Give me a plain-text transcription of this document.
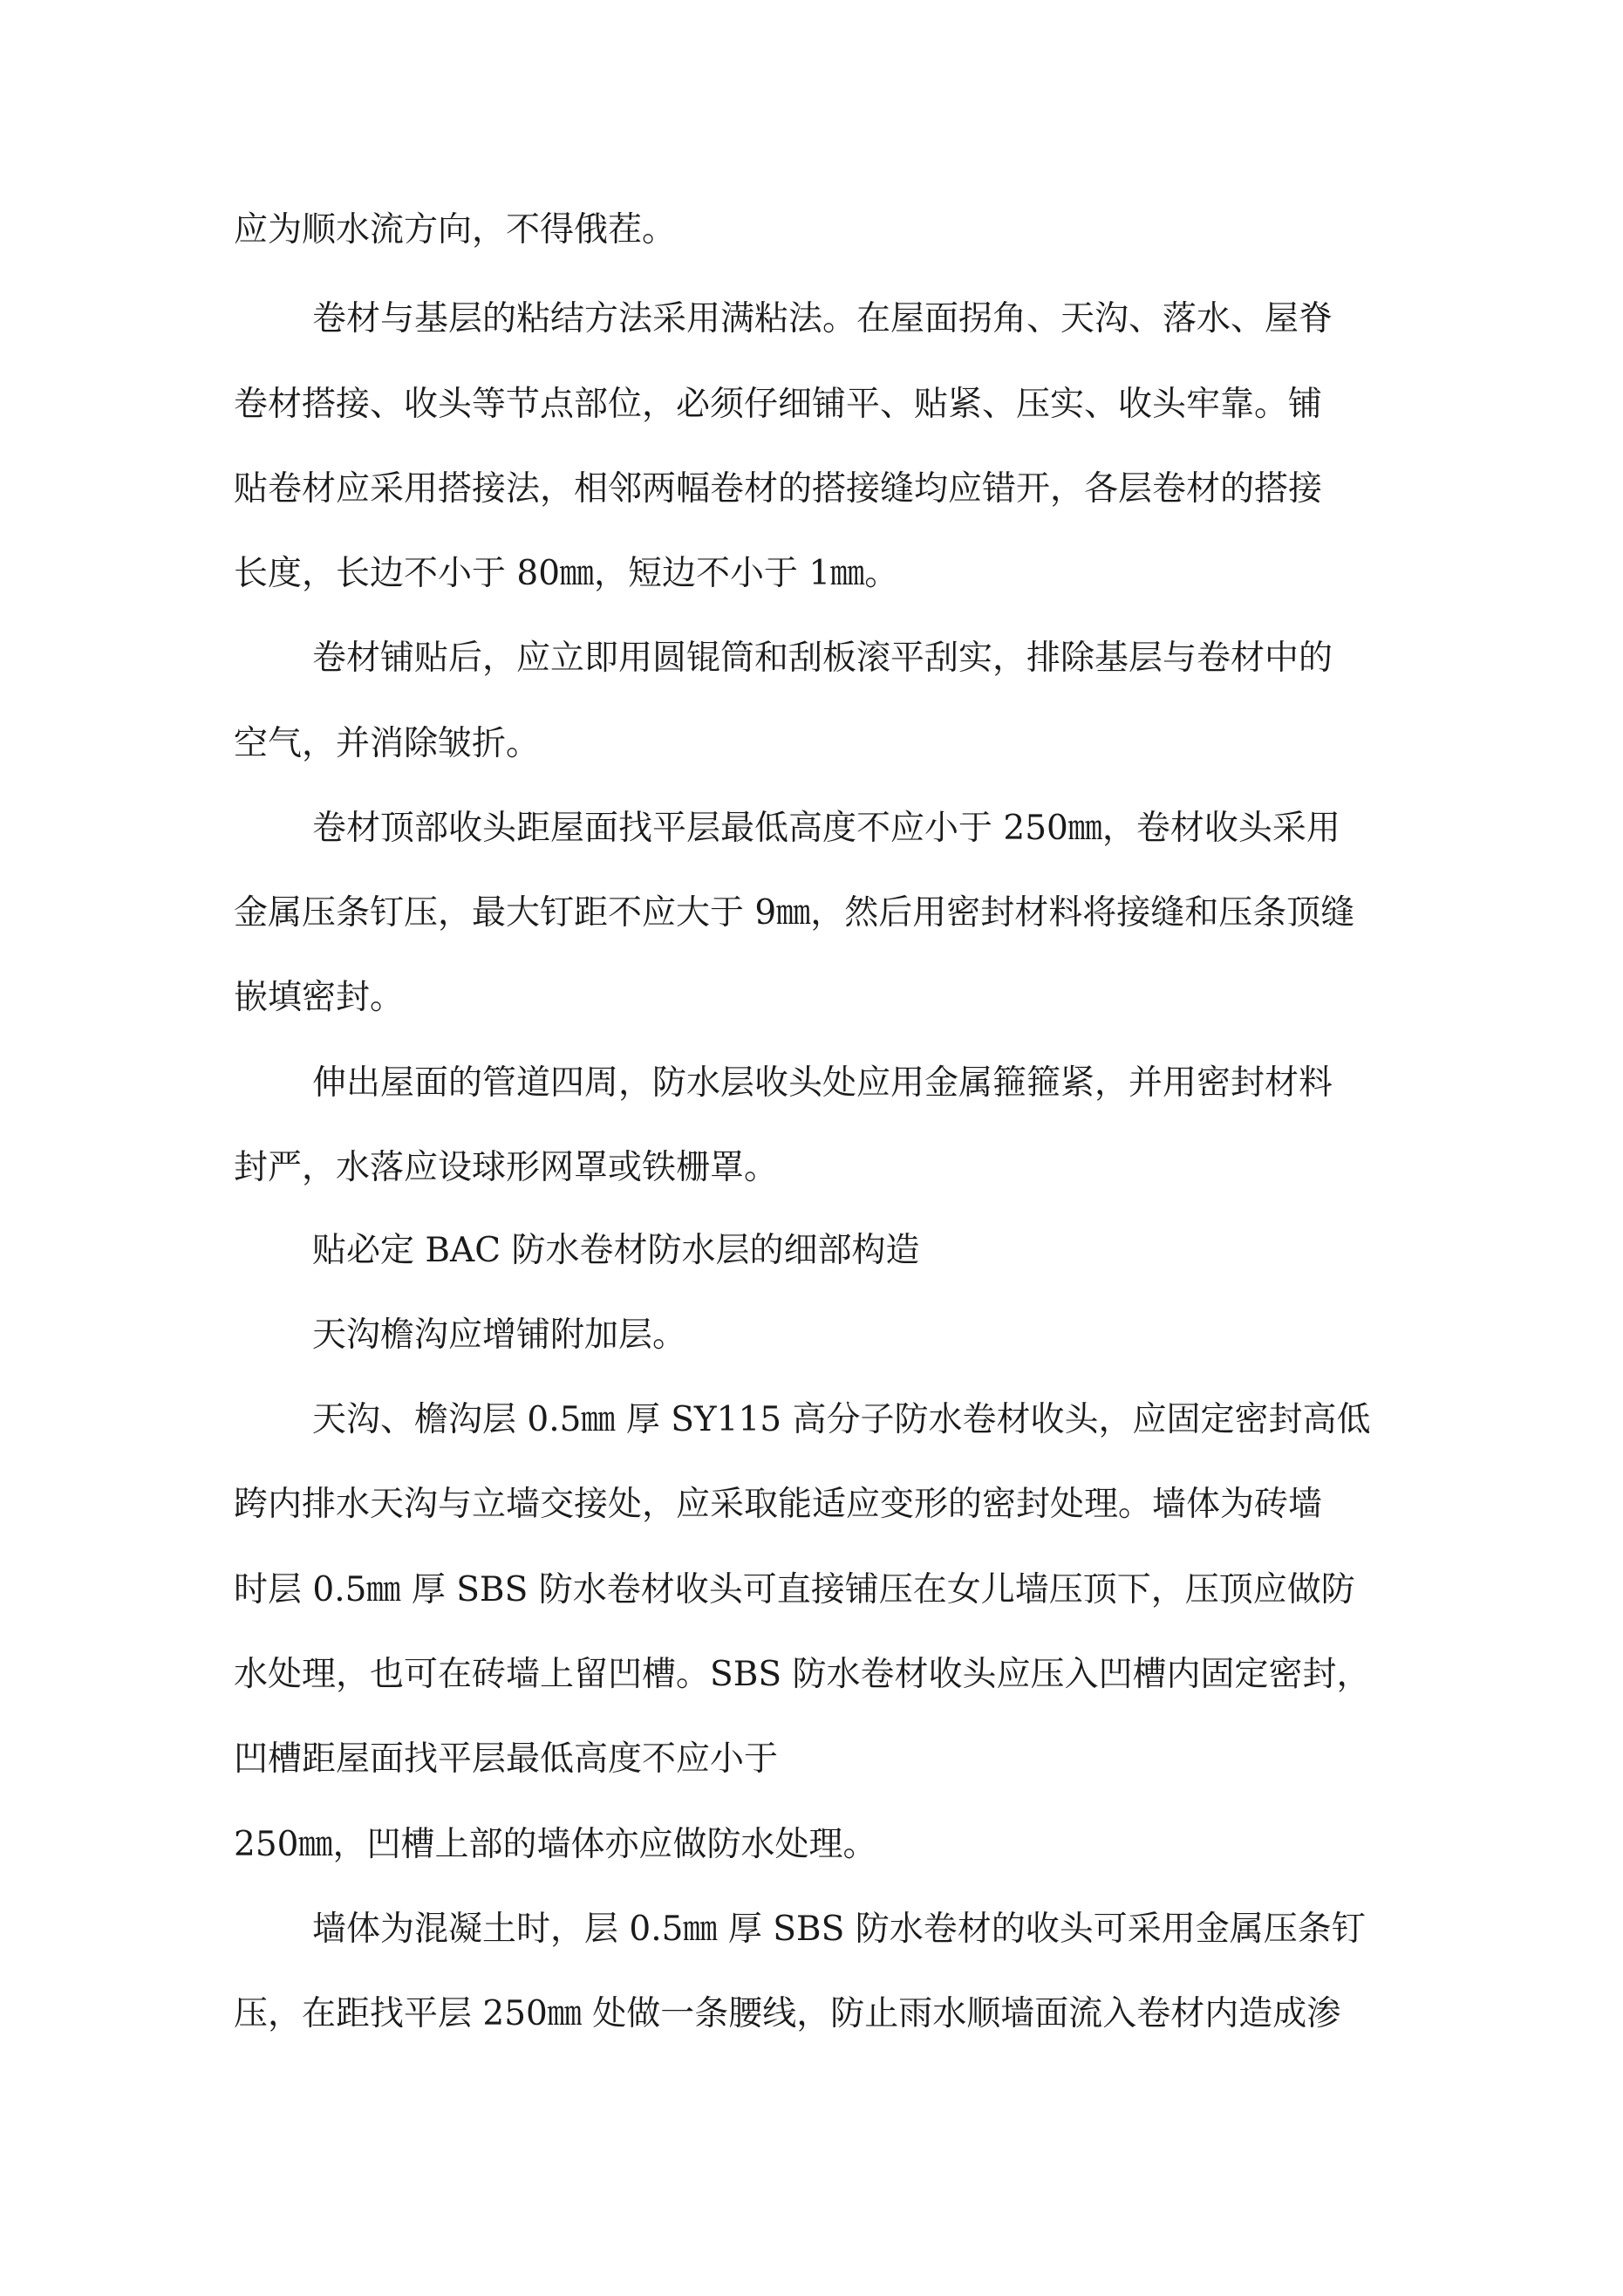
应为顺水流方向，不得俄茬。

卷材与基层的粘结方法采用满粘法。在屋面拐角、天沟、落水、屋脊

卷材搭接、收头等节点部位，必须仔细铺平、贴紧、压实、收头牢靠。铺

贴卷材应采用搭接法，相邻两幅卷材的搭接缝均应错开，各层卷材的搭接

长度，长边不小于 80㎜，短边不小于 1㎜。

卷材铺贴后，应立即用圆锟筒和刮板滚平刮实，排除基层与卷材中的

空气，并消除皱折。

卷材顶部收头距屋面找平层最低高度不应小于 250㎜，卷材收头采用

金属压条钉压，最大钉距不应大于 9㎜，然后用密封材料将接缝和压条顶缝

嵌填密封。

伸出屋面的管道四周，防水层收头处应用金属箍箍紧，并用密封材料

封严，水落应设球形网罩或铁栅罩。

贴必定 BAC 防水卷材防水层的细部构造

天沟檐沟应增铺附加层。

天沟、檐沟层 0.5㎜ 厚 SY115 高分子防水卷材收头，应固定密封高低

跨内排水天沟与立墙交接处，应采取能适应变形的密封处理。墙体为砖墙

时层 0.5㎜ 厚 SBS 防水卷材收头可直接铺压在女儿墙压顶下，压顶应做防

水处理，也可在砖墙上留凹槽。SBS 防水卷材收头应压入凹槽内固定密封，

凹槽距屋面找平层最低高度不应小于

250㎜，凹槽上部的墙体亦应做防水处理。

墙体为混凝土时，层 0.5㎜ 厚 SBS 防水卷材的收头可采用金属压条钉

压，在距找平层 250㎜ 处做一条腰线，防止雨水顺墙面流入卷材内造成渗
